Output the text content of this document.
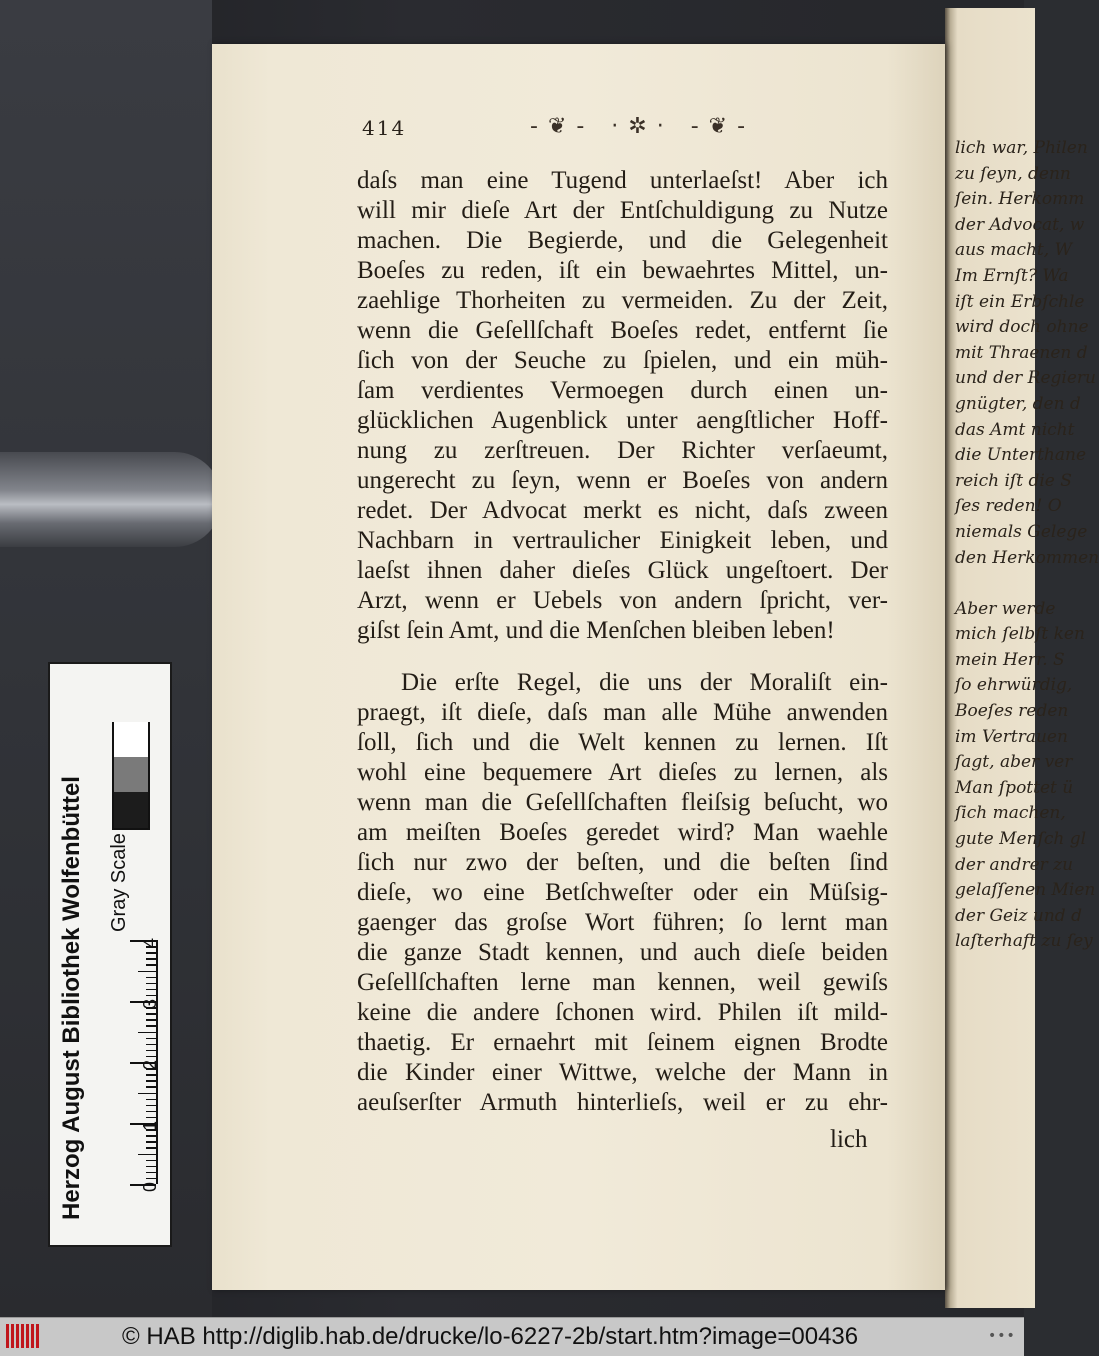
lich war, Philen
zu ſeyn, denn
ſein. Herkomm
der Advocat, w
aus macht, W
Im Ernſt? Wa
iſt ein Erbſchle
wird doch ohne
mit Thraenen d
und der Regieru
gnügter, den d
das Amt nicht
die Unterthane
reich iſt die S
ſes reden! O
niemals Gelege
den Herkommen
Aber werde
mich ſelbſt ken
mein Herr. S
ſo ehrwürdig,
Boeſes reden
im Vertrauen
ſagt, aber ver
Man ſpottet ü
ſich machen,
gute Menſch gl
der andrer zu
gelaſſenen Mien
der Geiz und d
laſterhaft zu ſey
414	-❦- ·✲· -❦-
daſs man eine Tugend unterlaeſst! Aber ich
will mir dieſe Art der Entſchuldigung zu Nutze
machen. Die Begierde, und die Gelegenheit
Boeſes zu reden, iſt ein bewaehrtes Mittel, un-
zaehlige Thorheiten zu vermeiden. Zu der Zeit,
wenn die Geſellſchaft Boeſes redet, entfernt ſie
ſich von der Seuche zu ſpielen, und ein müh-
ſam verdientes Vermoegen durch einen un-
glücklichen Augenblick unter aengſtlicher Hoff-
nung zu zerſtreuen. Der Richter verſaeumt,
ungerecht zu ſeyn, wenn er Boeſes von andern
redet. Der Advocat merkt es nicht, daſs zween
Nachbarn in vertraulicher Einigkeit leben, und
laeſst ihnen daher dieſes Glück ungeſtoert. Der
Arzt, wenn er Uebels von andern ſpricht, ver-
giſst ſein Amt, und die Menſchen bleiben leben!
Die erſte Regel, die uns der Moraliſt ein-
praegt, iſt dieſe, daſs man alle Mühe anwenden
ſoll, ſich und die Welt kennen zu lernen. Iſt
wohl eine bequemere Art dieſes zu lernen, als
wenn man die Geſellſchaften fleiſsig beſucht, wo
am meiſten Boeſes geredet wird? Man waehle
ſich nur zwo der beſten, und die beſten ſind
dieſe, wo eine Betſchweſter oder ein Müſsig-
gaenger das groſse Wort führen; ſo lernt man
die ganze Stadt kennen, und auch dieſe beiden
Geſellſchaften lerne man kennen, weil gewiſs
keine die andere ſchonen wird. Philen iſt mild-
thaetig. Er ernaehrt mit ſeinem eignen Brodte
die Kinder einer Wittwe, welche der Mann in
aeuſserſter Armuth hinterlieſs, weil er zu ehr-
lich
Herzog August Bibliothek Wolfenbüttel Gray Scale
0
1
2
3
4
© HAB http://diglib.hab.de/drucke/lo-6227-2b/start.htm?image=00436	•••
